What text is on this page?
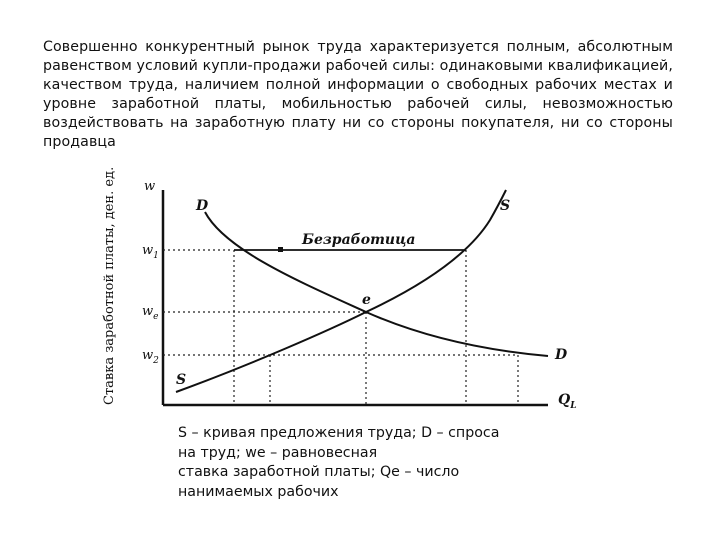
Совершенно конкурентный рынок труда характеризуется полным, абсолютным равенством условий купли-продажи рабочей силы: одинаковыми квалификацией, качеством труда, наличием полной информации о свободных рабочих местах и уровне заработной платы, мобильностью рабочей силы, невозможностью воздействовать на заработную плату ни со стороны покупателя, ни со стороны продавца

Ставка заработной платы, ден. ед. w
$w_1$
$w_e$
$w_2$
Безработица
D	S
D
S
e
$Q_L$
S – кривая предложения труда; D – спроса
на труд; we – равновесная
ставка заработной платы; Qe – число
нанимаемых рабочих
